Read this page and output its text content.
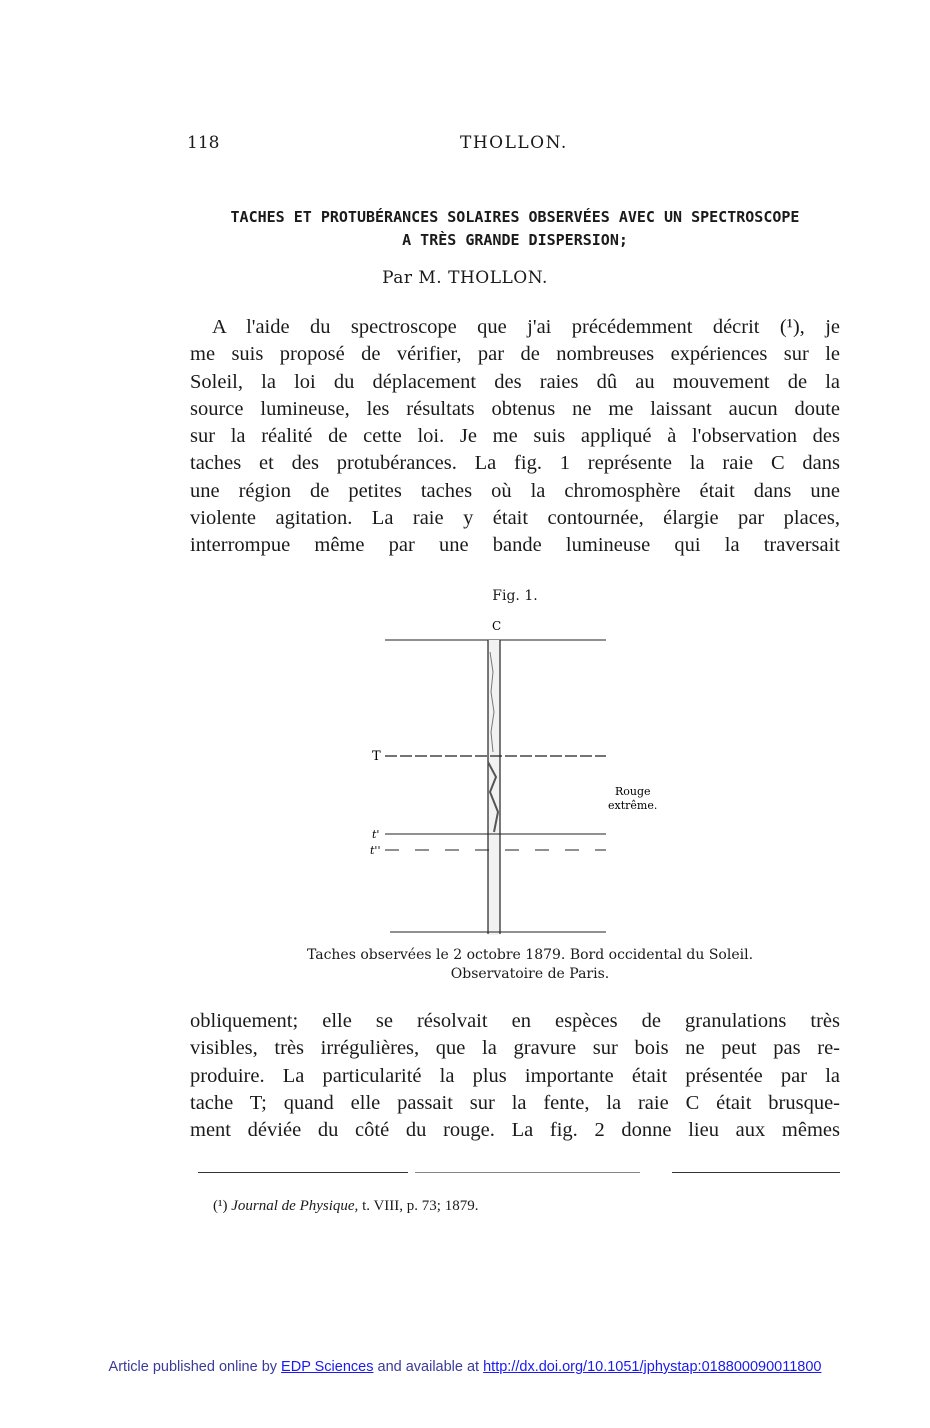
118	THOLLON.
TACHES ET PROTUBÉRANCES SOLAIRES OBSERVÉES AVEC UN SPECTROSCOPE
A TRÈS GRANDE DISPERSION;
Par M. THOLLON.
A l'aide du spectroscope que j'ai précédemment décrit (¹), je
me suis proposé de vérifier, par de nombreuses expériences sur le
Soleil, la loi du déplacement des raies dû au mouvement de la
source lumineuse, les résultats obtenus ne me laissant aucun doute
sur la réalité de cette loi. Je me suis appliqué à l'observation des
taches et des protubérances. La fig. 1 représente la raie C dans
une région de petites taches où la chromosphère était dans une
violente agitation. La raie y était contournée, élargie par places,
interrompue même par une bande lumineuse qui la traversait
Fig. 1.
C
T
t'
t''
Rouge
extrême.
Taches observées le 2 octobre 1879. Bord occidental du Soleil.
Observatoire de Paris.
obliquement; elle se résolvait en espèces de granulations très
visibles, très irrégulières, que la gravure sur bois ne peut pas re-
produire. La particularité la plus importante était présentée par la
tache T; quand elle passait sur la fente, la raie C était brusque-
ment déviée du côté du rouge. La fig. 2 donne lieu aux mêmes
(¹) Journal de Physique, t. VIII, p. 73; 1879.
Article published online by EDP Sciences and available at http://dx.doi.org/10.1051/jphystap:018800090011800
